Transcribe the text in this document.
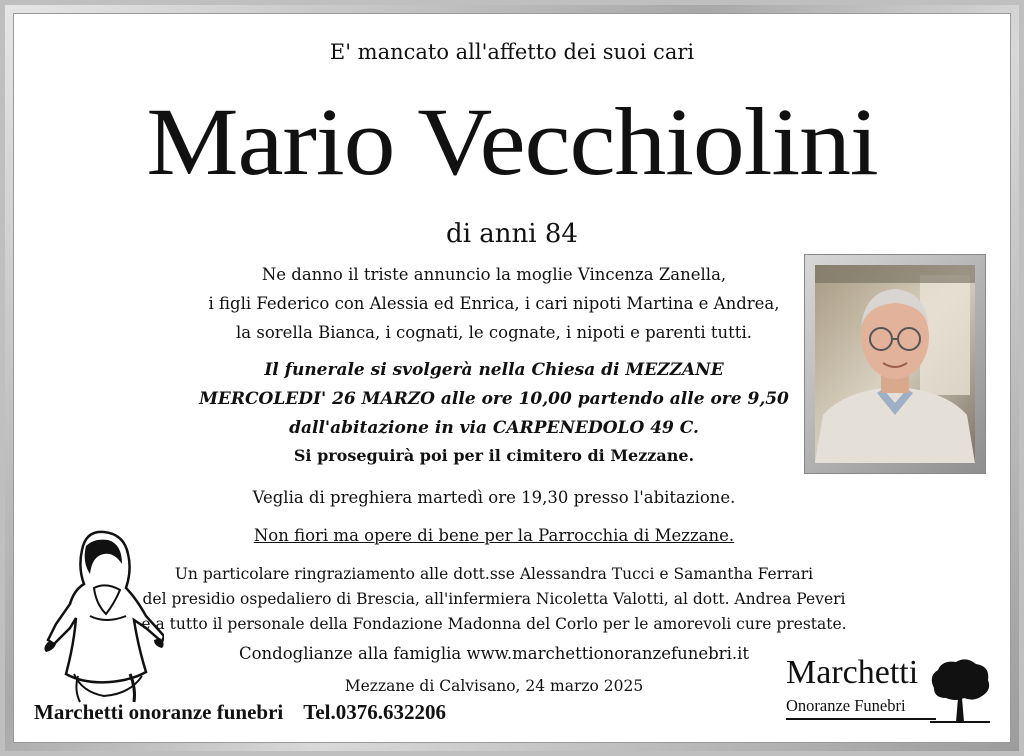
E' mancato all'affetto dei suoi cari
Mario Vecchiolini
di anni 84
Ne danno il triste annuncio la moglie Vincenza Zanella,
i figli Federico con Alessia ed Enrica, i cari nipoti Martina e Andrea,
la sorella Bianca, i cognati, le cognate, i nipoti e parenti tutti.
Il funerale si svolgerà nella Chiesa di MEZZANE
MERCOLEDI' 26 MARZO alle ore 10,00 partendo alle ore 9,50
dall'abitazione in via CARPENEDOLO 49 C.
Si proseguirà poi per il cimitero di Mezzane.
Veglia di preghiera martedì ore 19,30 presso l'abitazione.
Non fiori ma opere di bene per la Parrocchia di Mezzane.
Un particolare ringraziamento alle dott.sse Alessandra Tucci e Samantha Ferrari
del presidio ospedaliero di Brescia, all'infermiera Nicoletta Valotti, al dott. Andrea Peveri
e a tutto il personale della Fondazione Madonna del Corlo per le amorevoli cure prestate.
Condoglianze alla famiglia www.marchettionoranzefunebri.it
Mezzane di Calvisano, 24 marzo 2025
Marchetti onoranze funebri Tel.0376.632206
Marchetti
Onoranze Funebri
